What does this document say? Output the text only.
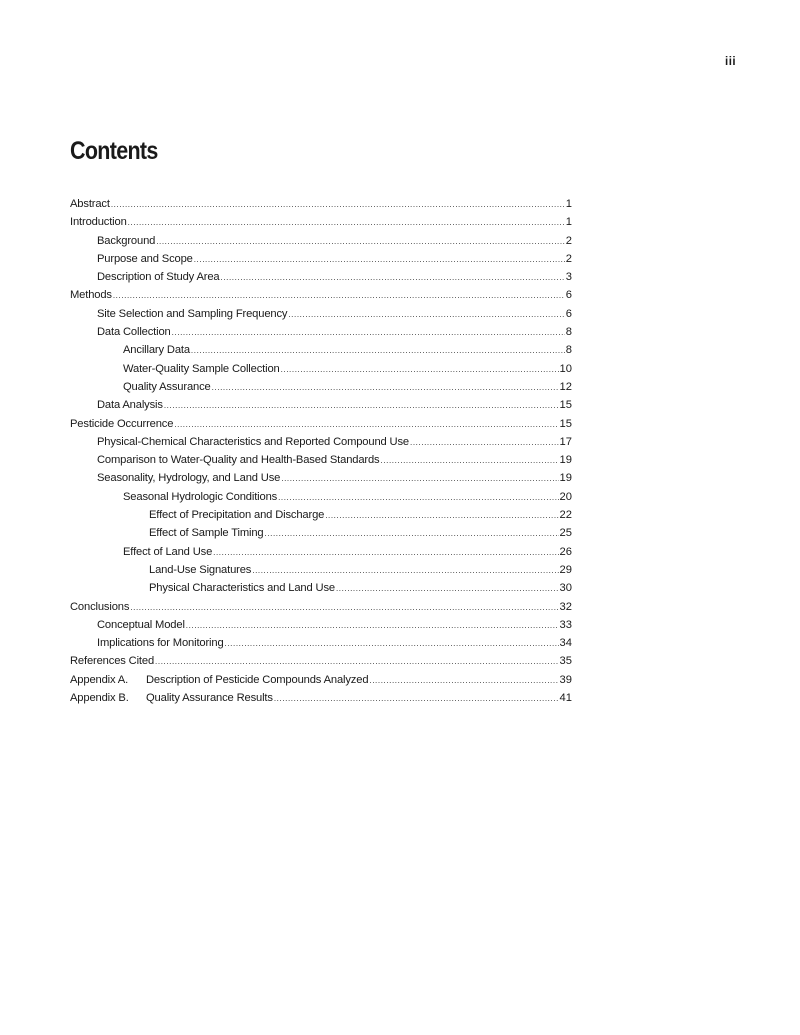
iii
Contents
Abstract .....	1
Introduction .....	1
Background .....	2
Purpose and Scope .....	2
Description of Study Area .....	3
Methods .....	6
Site Selection and Sampling Frequency .....	6
Data Collection .....	8
Ancillary Data .....	8
Water-Quality Sample Collection .....	10
Quality Assurance .....	12
Data Analysis .....	15
Pesticide Occurrence .....	15
Physical-Chemical Characteristics and Reported Compound Use .....	17
Comparison to Water-Quality and Health-Based Standards .....	19
Seasonality, Hydrology, and Land Use .....	19
Seasonal Hydrologic Conditions .....	20
Effect of Precipitation and Discharge .....	22
Effect of Sample Timing .....	25
Effect of Land Use .....	26
Land-Use Signatures .....	29
Physical Characteristics and Land Use .....	30
Conclusions .....	32
Conceptual Model .....	33
Implications for Monitoring .....	34
References Cited .....	35
Appendix A. Description of Pesticide Compounds Analyzed .....	39
Appendix B. Quality Assurance Results .....	41
